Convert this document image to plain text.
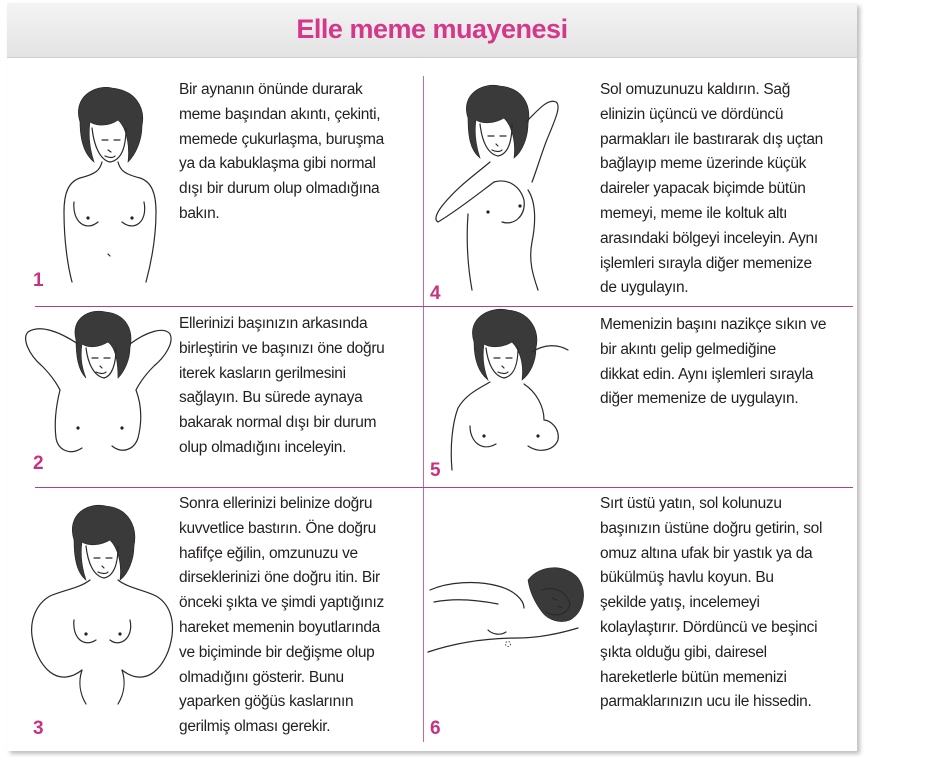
Elle meme muayenesi
Bir aynanın önünde durarak
meme başından akıntı, çekinti,
memede çukurlaşma, buruşma
ya da kabuklaşma gibi normal
dışı bir durum olup olmadığına
bakın.
1
Sol omuzunuzu kaldırın. Sağ
elinizin üçüncü ve dördüncü
parmakları ile bastırarak dış uçtan
bağlayıp meme üzerinde küçük
daireler yapacak biçimde bütün
memeyi, meme ile koltuk altı
arasındaki bölgeyi inceleyin. Aynı
işlemleri sırayla diğer memenize
de uygulayın.
4
Ellerinizi başınızın arkasında
birleştirin ve başınızı öne doğru
iterek kasların gerilmesini
sağlayın. Bu sürede aynaya
bakarak normal dışı bir durum
olup olmadığını inceleyin.
2
Memenizin başını nazikçe sıkın ve
bir akıntı gelip gelmediğine
dikkat edin. Aynı işlemleri sırayla
diğer memenize de uygulayın.
5
Sonra ellerinizi belinize doğru
kuvvetlice bastırın. Öne doğru
hafifçe eğilin, omzunuzu ve
dirseklerinizi öne doğru itin. Bir
önceki şıkta ve şimdi yaptığınız
hareket memenin boyutlarında
ve biçiminde bir değişme olup
olmadığını gösterir. Bunu
yaparken göğüs kaslarının
gerilmiş olması gerekir.
3
Sırt üstü yatın, sol kolunuzu
başınızın üstüne doğru getirin, sol
omuz altına ufak bir yastık ya da
bükülmüş havlu koyun. Bu
şekilde yatış, incelemeyi
kolaylaştırır. Dördüncü ve beşinci
şıkta olduğu gibi, dairesel
hareketlerle bütün memenizi
parmaklarınızın ucu ile hissedin.
6
